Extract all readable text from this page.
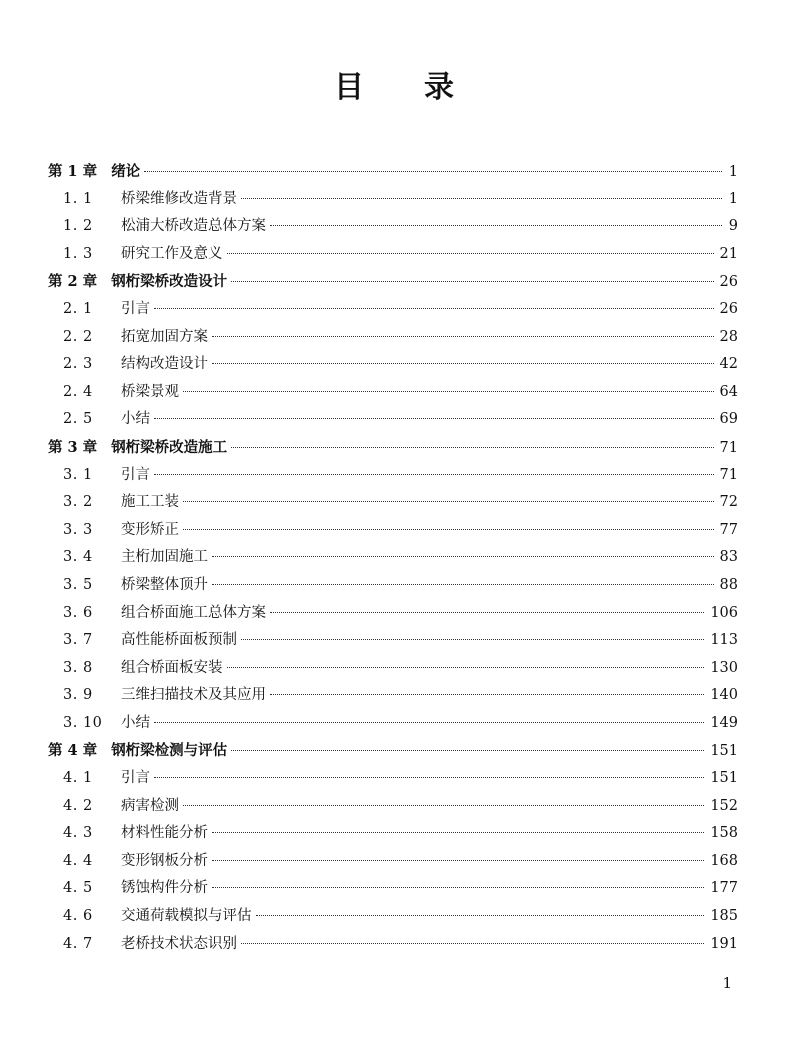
目 录
第 1 章 绪论	1
1. 1	桥梁维修改造背景	1
1. 2	松浦大桥改造总体方案	9
1. 3	研究工作及意义	21
第 2 章 钢桁梁桥改造设计	26
2. 1	引言	26
2. 2	拓宽加固方案	28
2. 3	结构改造设计	42
2. 4	桥梁景观	64
2. 5	小结	69
第 3 章 钢桁梁桥改造施工	71
3. 1	引言	71
3. 2	施工工装	72
3. 3	变形矫正	77
3. 4	主桁加固施工	83
3. 5	桥梁整体顶升	88
3. 6	组合桥面施工总体方案	106
3. 7	高性能桥面板预制	113
3. 8	组合桥面板安装	130
3. 9	三维扫描技术及其应用	140
3. 10	小结	149
第 4 章 钢桁梁检测与评估	151
4. 1	引言	151
4. 2	病害检测	152
4. 3	材料性能分析	158
4. 4	变形钢板分析	168
4. 5	锈蚀构件分析	177
4. 6	交通荷载模拟与评估	185
4. 7	老桥技术状态识别	191
1
